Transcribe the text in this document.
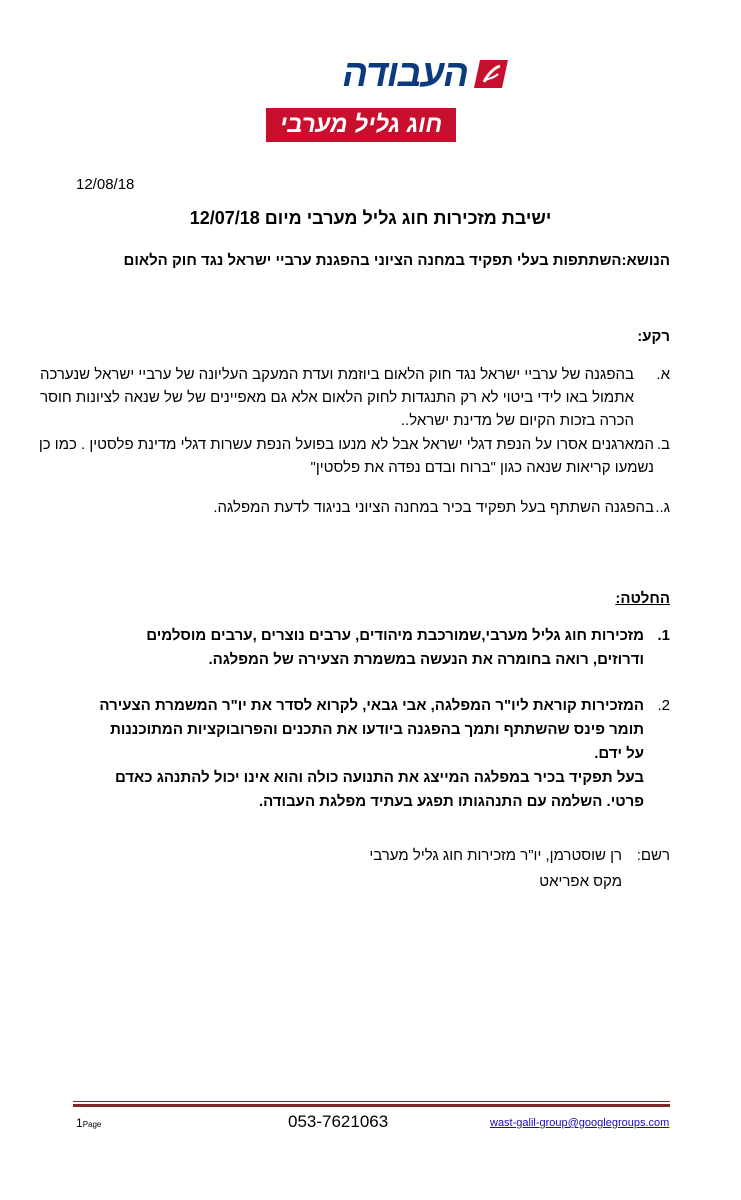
העבודה
חוג גליל מערבי
12/08/18
ישיבת מזכירות חוג גליל מערבי מיום 12/07/18
הנושא:השתתפות בעלי תפקיד במחנה הציוני בהפגנת ערביי ישראל נגד חוק הלאום
רקע:
א.
בהפגנה של ערביי ישראל נגד חוק הלאום ביוזמת ועדת המעקב העליונה של ערביי ישראל שנערכה אתמול באו לידי ביטוי לא רק התנגדות לחוק הלאום אלא גם מאפיינים של של שנאה לציונות חוסר הכרה בזכות הקיום של מדינת ישראל..
ב.
המארגנים אסרו על הנפת דגלי ישראל אבל לא מנעו בפועל הנפת עשרות דגלי מדינת פלסטין . כמו כן נשמעו קריאות שנאה כגון "ברוח ובדם נפדה את פלסטין"
ג..
בהפגנה השתתף בעל תפקיד בכיר במחנה הציוני בניגוד לדעת המפלגה.
החלטה:
1.
מזכירות חוג גליל מערבי,שמורכבת מיהודים, ערבים נוצרים ,ערבים מוסלמים ודרוזים, רואה בחומרה את הנעשה במשמרת הצעירה של המפלגה.
2.
המזכירות קוראת ליו"ר המפלגה, אבי גבאי, לקרוא לסדר את יו"ר המשמרת הצעירה תומר פינס שהשתתף ותמך בהפגנה ביודעו את התכנים והפרובוקציות המתוכננות על ידם.
בעל תפקיד בכיר במפלגה המייצג את התנועה כולה והוא אינו יכול להתנהג כאדם פרטי. השלמה עם התנהגותו תפגע בעתיד מפלגת העבודה.
רשם:
רן שוסטרמן, יו"ר מזכירות חוג גליל מערבי
מקס אפריאט
1Page	053-7621063	wast-galil-group@googlegroups.com
